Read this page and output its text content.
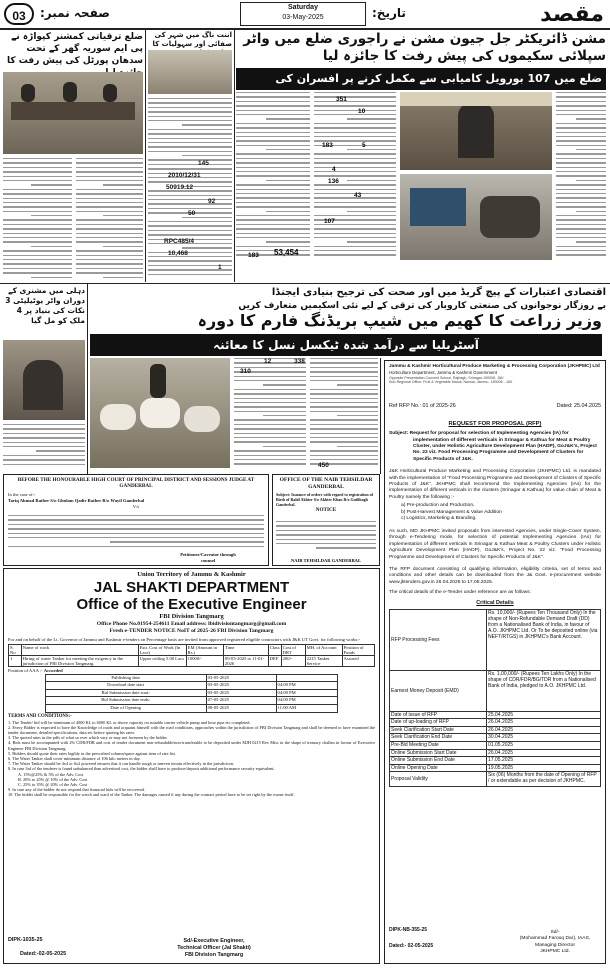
مقصد
تاریخ:
Saturday
03-May-2025
صفحہ نمبر:
03
مشن ڈائریکٹر جل جیون مشن نے راجوری ضلع میں واٹر سپلائی سکیموں کی پیش رفت کا جائزہ لیا
ضلع میں 107 بورویل کامیابی سے مکمل کرنے پر افسران کی کی
351
10
183	5
4
136
43
107
183 53,454
ضلع ترقیاتی کمشنر کپواڑہ نے پی ایم سوریہ گھر کے تحت سدھان پورٹل کی پیش رفت کا
اننت ناگ میں شہر کی صفائی اور سہولیات کا
145
2010/12/31
50919.12
92
50
RPC485/4
10,468
1
اقتصادی اعتبارات کے پیچ گریڈ میں اور صحت کی ترجیح بنیادی ایجنڈا
بے روزگار نوجوانوں کی صنعتی کاروبار کی ترقی کے لیے نئی اسکیمیں متعارف کریں
دہلی میں مشنری کے دوران واٹر یوٹیلیٹی 3 نکات کی بنیاد پر 4 ملک کو مل گیا	وزیر زراعت کا کھیم میں شیپ بریڈنگ فارم کا دورہ
آسٹریلیا سے درآمد شدہ ٹیکسل نسل کا معائنہ
338
12
310
450
Jammu & Kashmir Horticultural Produce Marketing & Processing Corporation (JKHPMC) Ltd
Horticulture Department, Jammu & Kashmir Government
Opposite Presentation Convent School, Rajbagh, Srinagar-190008, J&K
Sub-Regional Office: Fruit & Vegetable Mandi, Narwal, Jammu- 180006 - J&K
Ref RFP No.: 01 of 2025-26	Dated: 25.04.2025
REQUEST FOR PROPOSAL (RFP)
Subject: Request for proposal for selection of Implementing Agencies (IA) for implementation of different verticals in Srinagar & Kathua for Meat & Poultry Cluster, under Holistic Agriculture Development Plan (HADP), GoJ&K's, Project No. 22 viz. Food Processing Programme and Development of Clusters for Specific Products of J&K.
J&K Horticultural Produce Marketing and Processing Corporation (JKHPMC) Ltd. is mandated with the implementation of "Food Processing Programme and Development of Clusters of Specific Products of J&K". JKHPMC shall recommend the Implementing Agencies (IAs) for the implementation of different verticals in the clusters (Srinagar & Kathua) for value chain of Meat & Poultry namely the following :-
a) Pre-production and Production,
b) Post-Harvest Management & Value Addition
c) Logistics, Marketing & Branding.
As such, MD JKHPMC invited proposals from interested Agencies, under Single-Cover System, through e-Tendering mode, for selection of potential Implementing Agencies (IAs) for implementation of different verticals in Srinagar & Kathua Meat & Poultry Clusters under Holistic Agriculture Development Plan (HADP), GoJ&K's, Project No. 22 viz. "Food Processing Programme and Development of Clusters for Specific Products of J&K".
The RFP document consisting of qualifying information, eligibility criteria, set of terms and conditions and other details can be downloaded from the J& Govt. e-procurement website www.jktenders.gov.in 26.04.2025 to 17.05.2025.
The critical details of the e-Tender under reference are as follows:
Critical Details
RFP Processing Fees	Rs. 10,000/- (Rupees Ten Thousand Only) In the shape of Non-Refundable Demand Draft (DD) from a Nationalised Bank of India, in favour of A.O. JKHPMC Ltd. Or To be deposited online (via NEFT/RTGS) in JKHPMC's Bank Account.
Earnest Money Deposit (EMD)	Rs. 1,00,000/- (Rupees Ten Lakhs Only) In the shape of CDR/FDR/BG/TDR from a Nationalised Bank of India, pledged to A.O. JKHPMC Ltd.
Date of issue of RFP	25.04.2025
Date of up-loading of RFP	26.04.2025
Seek Clarification Start Date	26.04.2025
Seek Clarification End Date	30.04.2025
Pre-Bid Meeting Date	01.05.2025
Online Submission Start Date	26.04.2025
Online Submission End Date	17.05.2025
Online Opening Date	19.05.2025
Proposal Validity	Six (06) Months from the date of Opening of RFP / or extendable as per decision of JKHPMC.
DIPK-NB-355-25
Dated:- 02-05-2025
Sd/-
(Mohammad Farooq Dar), IAAS,
Managing Director
JKHPMC Ltd.
BEFORE THE HONOURABLE HIGH COURT OF PRINCIPAL DISTRICT AND SESSIONS JUDGE AT GANDERBAL
In the case of:-
Tariq Ahmad Rather S/o Ghulam Qadir Rather R/o Wayil Ganderbal
V/s
Petitioner/Caveator through counsel
OFFICE OF THE NAIB TEHSILDAR GANDERBAL
Subject: Issuance of orders with regard to registration of Birth of Rahil Akhter S/o Akhter Khan R/o Gutlibagh Ganderbal.
NOTICE
NAIB TEHSILDAR GANDERBAL
Union Territory of Jammu & Kashmir
JAL SHAKTI DEPARTMENT
Office of the Executive Engineer
FBI Division Tangmarg
Office Phone No.01954-254611 Email address: lbidivisiontangmarg@gmail.com
Fresh e-TENDER NOTICE NoIT of 2025-26 FBI Division Tangmarg
For and on behalf of the Lt. Governor of Jammu and Kashmir e-tenders on Percentage basis are invited from approved registered eligible contractors with J&K UT Govt. for following works:-
S. No	Name of work	Estt. Cost of Work (In Lacs)	EM (Amount in Rs.)	Time	Class	Cost of DRT	MH. of Account	Position of Funds
1	Hiring of water Tanker for meeting the exigency in the jurisdiction of FBI Division Tangmarg.	Upper ceiling 5.00 Lacs	10000/-	09-05-2025 to 11-01-2026	DEF	200/-	2215 Tanker Service	Assured
Position of AAA :- Accorded
Publishing date	03-05-2025	
Download date start	03-05-2025	04:00 PM
Bid Submission date start:	03-05-2025	04:00 PM
Bid Submission date ends:	07-05-2025	04:00 PM
Date of Opening	08-05-2025	11:00 AM
TERMS AND CONDITIONS:-
1. The Tender/ bid will be minimum of 4000 KL to 6000 KL or above capacity on suitable carrier vehicle pump and hose pipe etc completed.
2. Every Bidder is expected to have the Knowledge of roads and acquaint himself with the road conditions, approaches within the jurisdiction of FBI Division Tangmarg and shall be deemed to have examined the tender document, detailed specifications, data etc before quoting his rates.
3. The quoted rates in the pdfs of what so ever which vary or may not foreseen by the bidder.
4. Bids must be accompanied with 2% CDR/FDR and cost of tender document non-refundable/non-transferable to be deposited under MJH 0215 Rev Misc in the shape of treasury challan in favour of Executive Engineer FBI Division Tangmarg.
5. Bidders should quote their rates legibly in the prescribed column/space against item of rate list.
6. The Water Tanker shall cover minimum distance of 106 kilo meters in day.
7. The Water Tanker should be 4x4 or 6x2 powered ensures that it can handle rough or uneven terrain effectively in the jurisdiction.
8. In case 3rd of the tenderer is found unbalanced than advertised cost, the bidder shall have to produce/deposit additional performance security equivalent.
A. 15%@25% & 5% of the Adv. Cost
B. 20% to 25% @ 10% of the Adv. Cost
C. 25% to 35% @ 20% of the Adv. Cost
9. In case any of the bidder do not respond that financial bids will be recovered.
10. The bidder shall be responsible for the watch and ward of the Tanker. The damages caused if any during the contract period have to be set right by the owner itself.
DIPK-1035-25
Dated:-02-05-2025
Sd/-Executive Engineer,
Technical Officer (Jal Shakti)
FBI Division Tangmarg
